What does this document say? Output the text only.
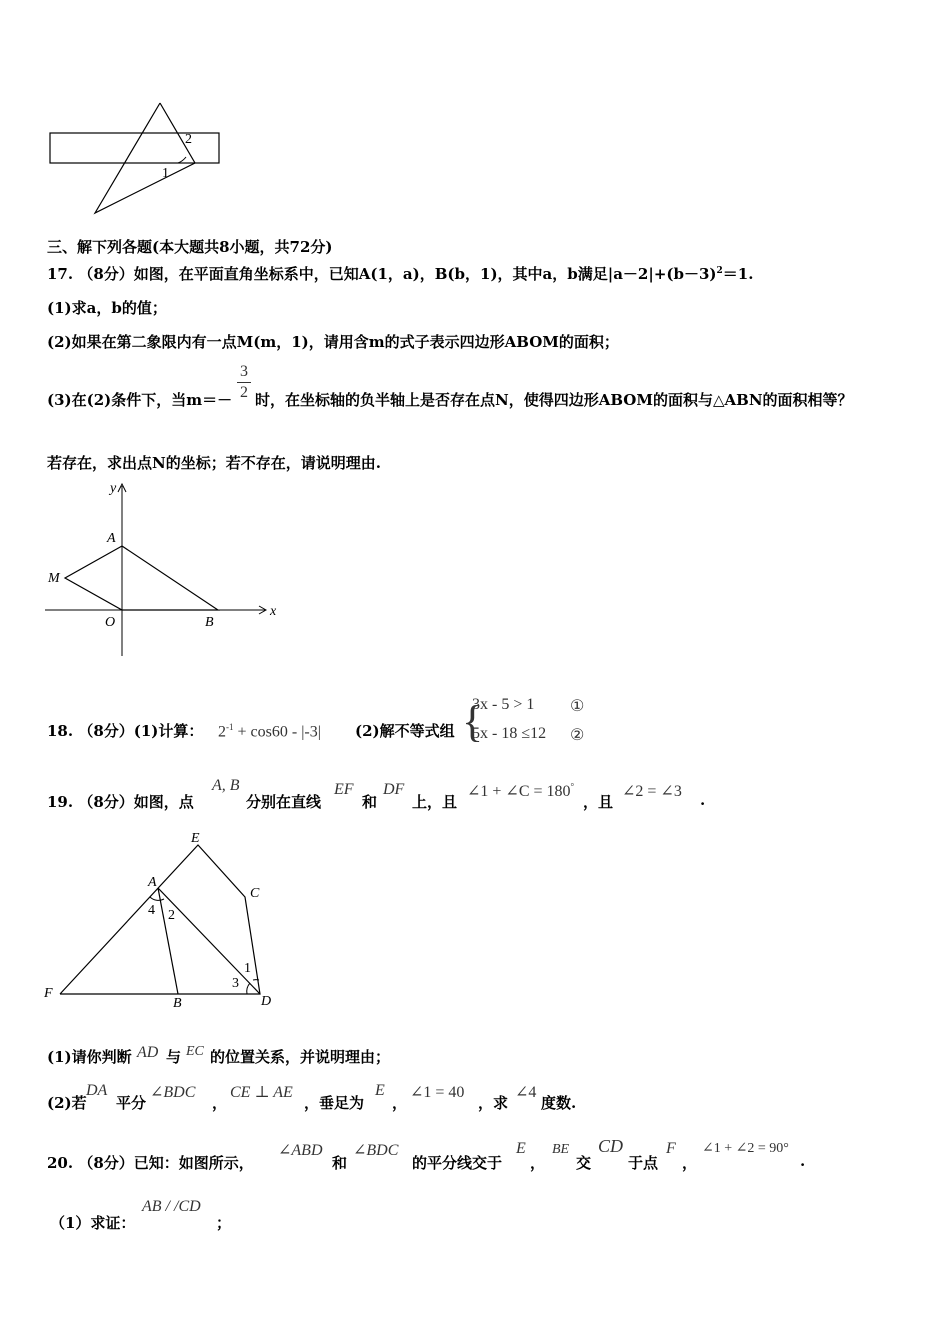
2
1
三、解下列各题(本大题共8小题，共72分)
17. （8分）如图，在平面直角坐标系中，已知A(1，a)，B(b，1)，其中a，b满足$|a-2|+(b-3)^2=1$.
(1)求a，b的值；
(2)如果在第二象限内有一点M(m，1)，请用含m的式子表示四边形ABOM的面积；
(3)在(2)条件下，当$m=- \frac{3}{2}$ 时，在坐标轴的负半轴上是否存在点N，使得四边形ABOM的面积与△ABN的面积相等？
若存在，求出点N的坐标；若不存在，请说明理由.
y
x
A
M
O	B
18. （8分）(1)计算： $2^{-1} + \cos 60 - |-3|$ (2)解不等式组 {
3x - 5 > 1 ①
5x - 18 ≤12 ②
19. （8分）如图，点
A, B
分别在直线
EF
和
DF
上，且
∠1 + ∠C = 180°
，且
∠2 = ∠3 .
E
A
C
4 2
1
3
F
B	D
(1)请你判断 AD 与 EC 的位置关系，并说明理由；
(2)若
DA
平分
∠BDC
，
CE ⊥ AE
，垂足为
E
，
∠1 = 40
，求
∠4
度数.
20. （8分）已知：如图所示，
∠ABD
和
∠BDC
的平分线交于
E
，
BE
交
CD
于点
F
，
∠1 + ∠2 = 90°
.
（1）求证：
AB / /CD
；
